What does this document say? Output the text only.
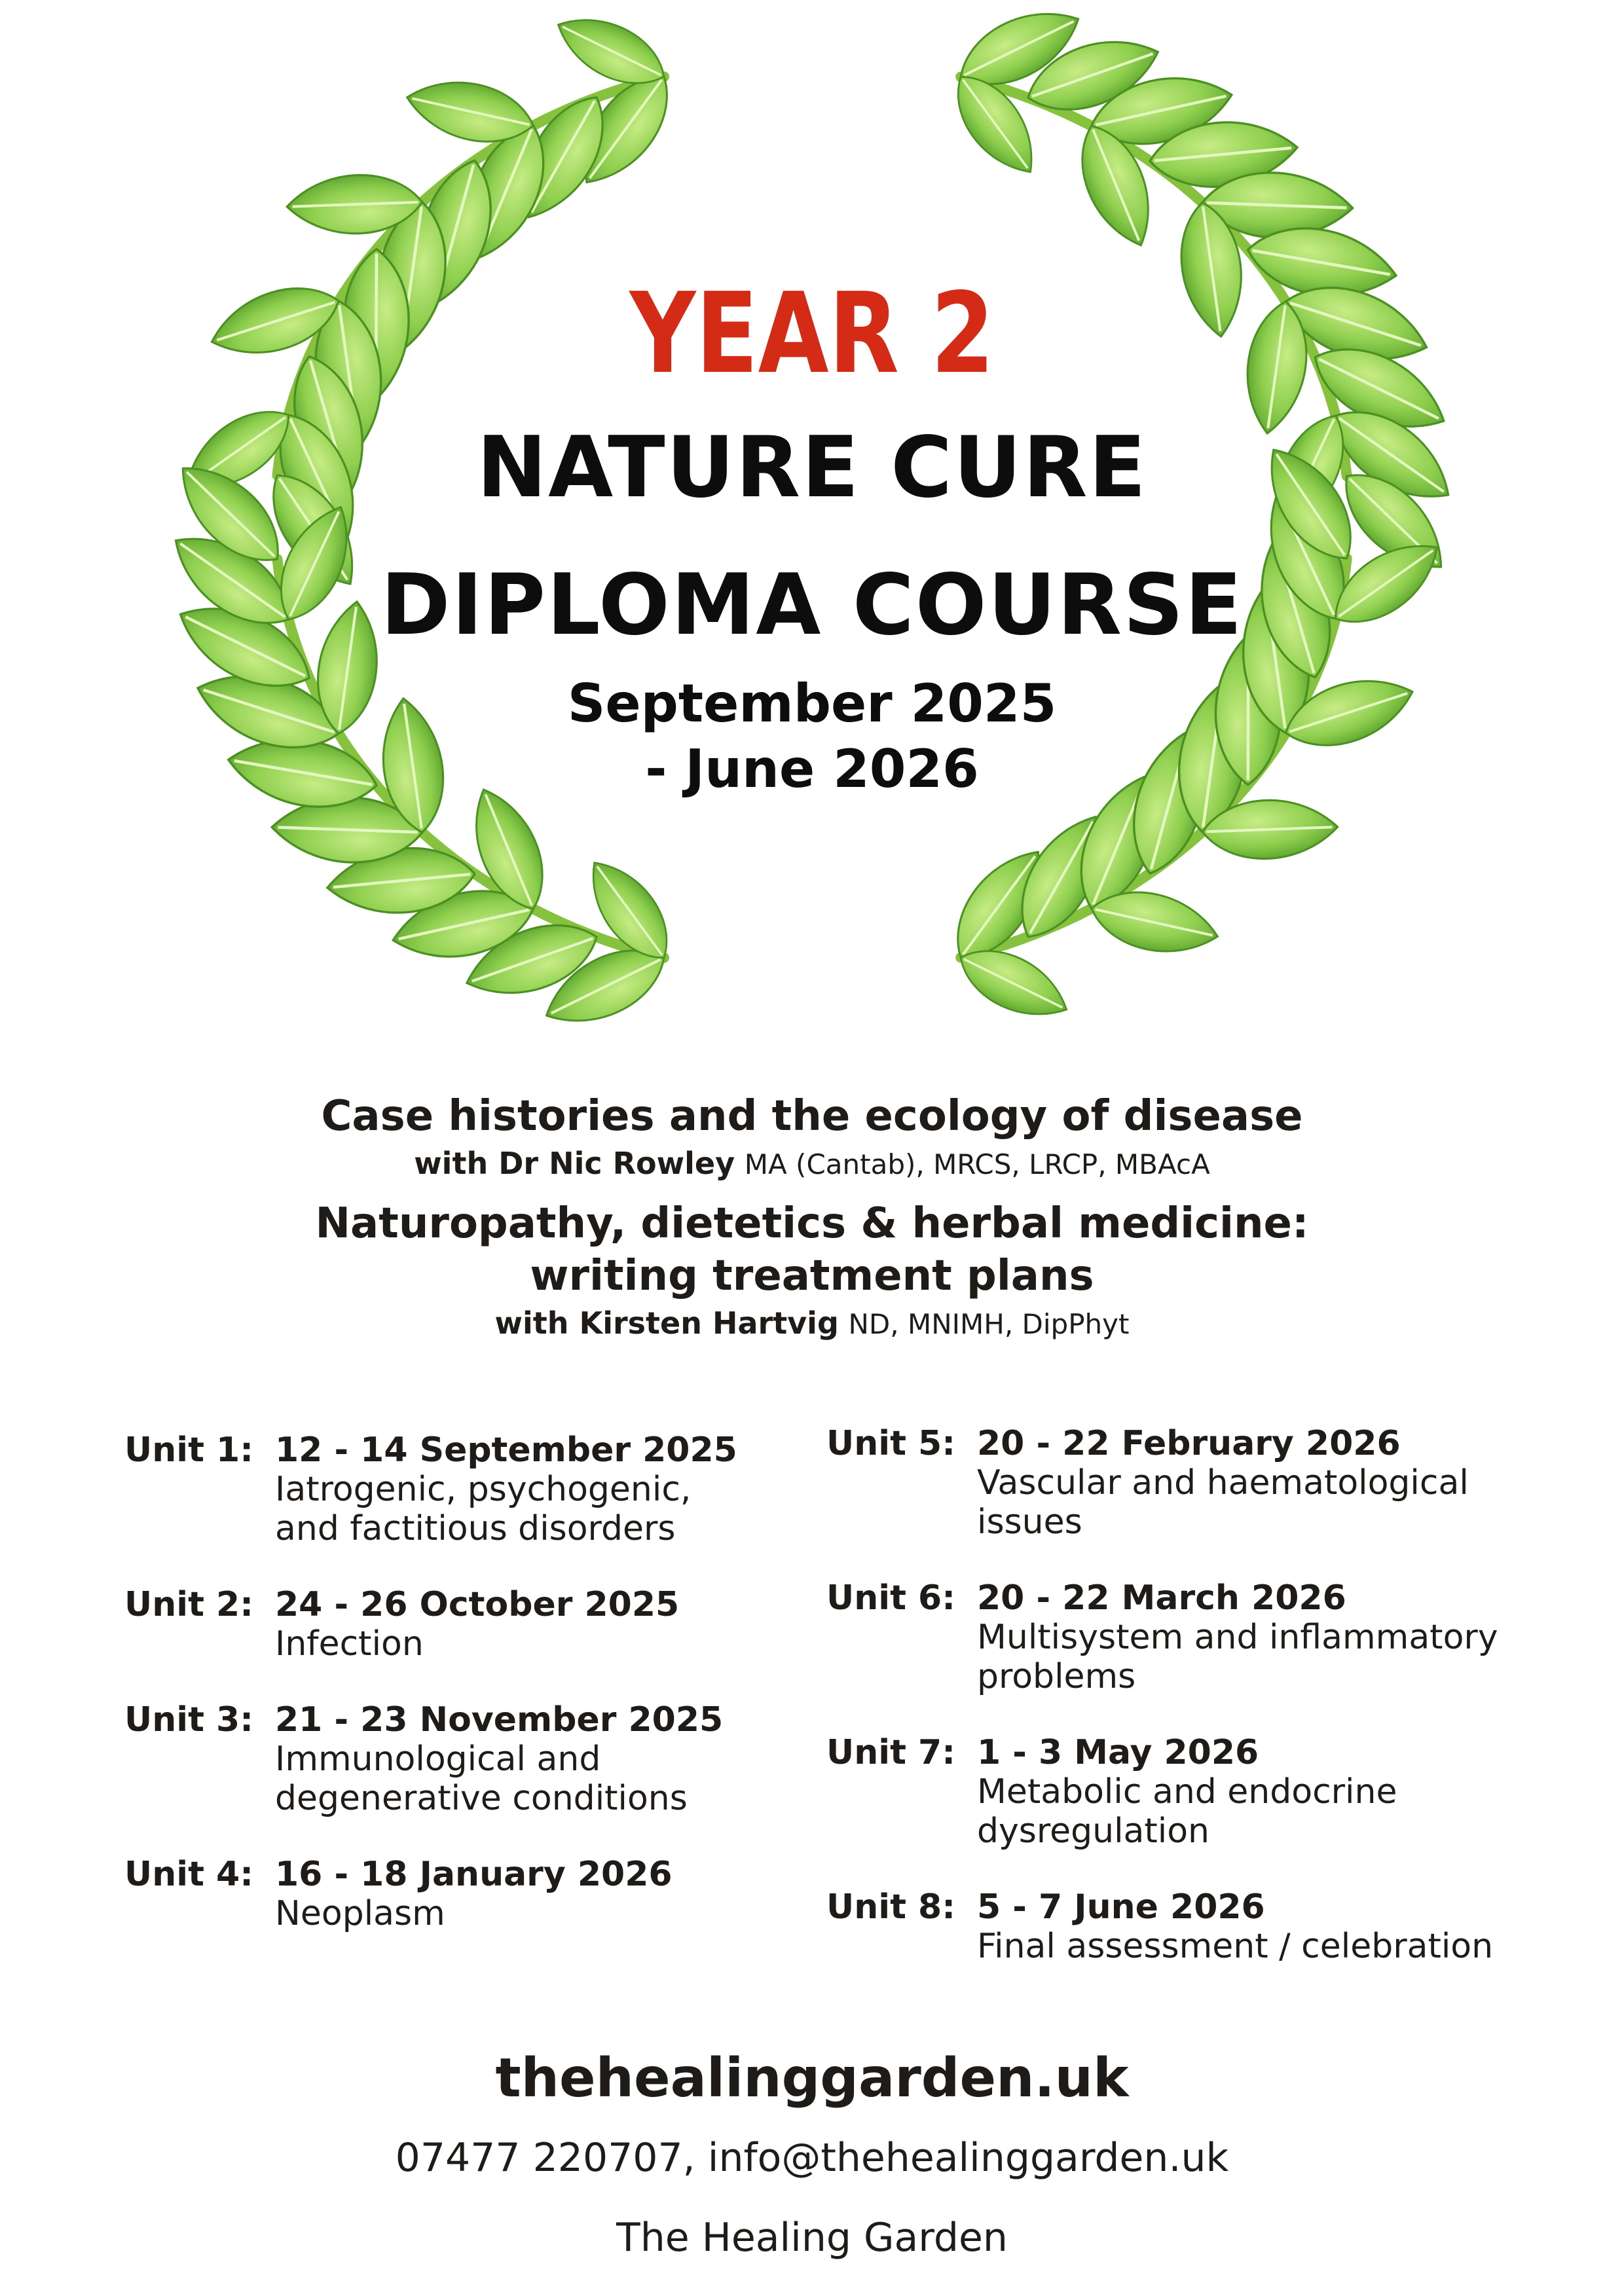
YEAR 2
NATURE CURE
DIPLOMA COURSE
September 2025
- June 2026
Case histories and the ecology of disease
with Dr Nic Rowley MA (Cantab), MRCS, LRCP, MBAcA
Naturopathy, dietetics & herbal medicine:
writing treatment plans
with Kirsten Hartvig ND, MNIMH, DipPhyt
Unit 1: 12 - 14 September 2025
Iatrogenic, psychogenic,
and factitious disorders
Unit 2: 24 - 26 October 2025
Infection
Unit 3: 21 - 23 November 2025
Immunological and
degenerative conditions
Unit 4: 16 - 18 January 2026
Neoplasm
Unit 5: 20 - 22 February 2026
Vascular and haematological
issues
Unit 6: 20 - 22 March 2026
Multisystem and inflammatory
problems
Unit 7: 1 - 3 May 2026
Metabolic and endocrine
dysregulation
Unit 8: 5 - 7 June 2026
Final assessment / celebration
thehealinggarden.uk
07477 220707, info@thehealinggarden.uk
The Healing Garden
